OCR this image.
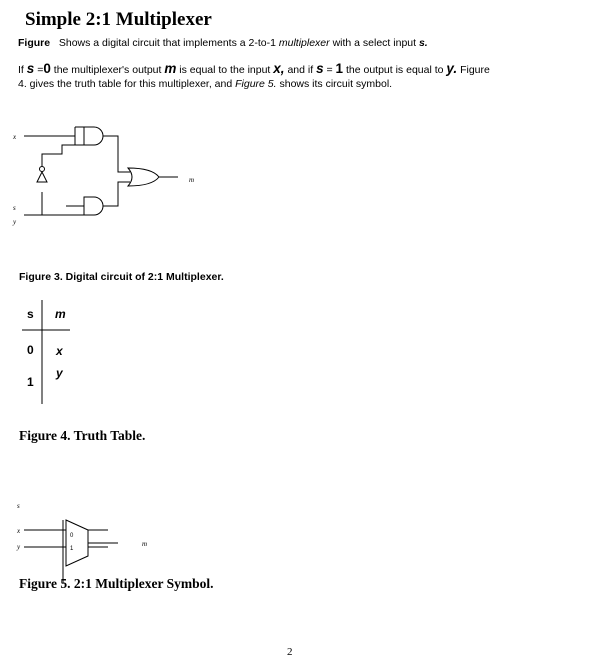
Simple 2:1 Multiplexer
Figure Shows a digital circuit that implements a 2-to-1 multiplexer with a select input s.
If s =0 the multiplexer's output m is equal to the input x, and if s = 1 the output is equal to y. Figure
4. gives the truth table for this multiplexer, and Figure 5. shows its circuit symbol.
x
s
y
m
s
x
y	m
0
1
Figure 3. Digital circuit of 2:1 Multiplexer.
s m
0 x
y
1
Figure 4. Truth Table.
Figure 5. 2:1 Multiplexer Symbol.
2
